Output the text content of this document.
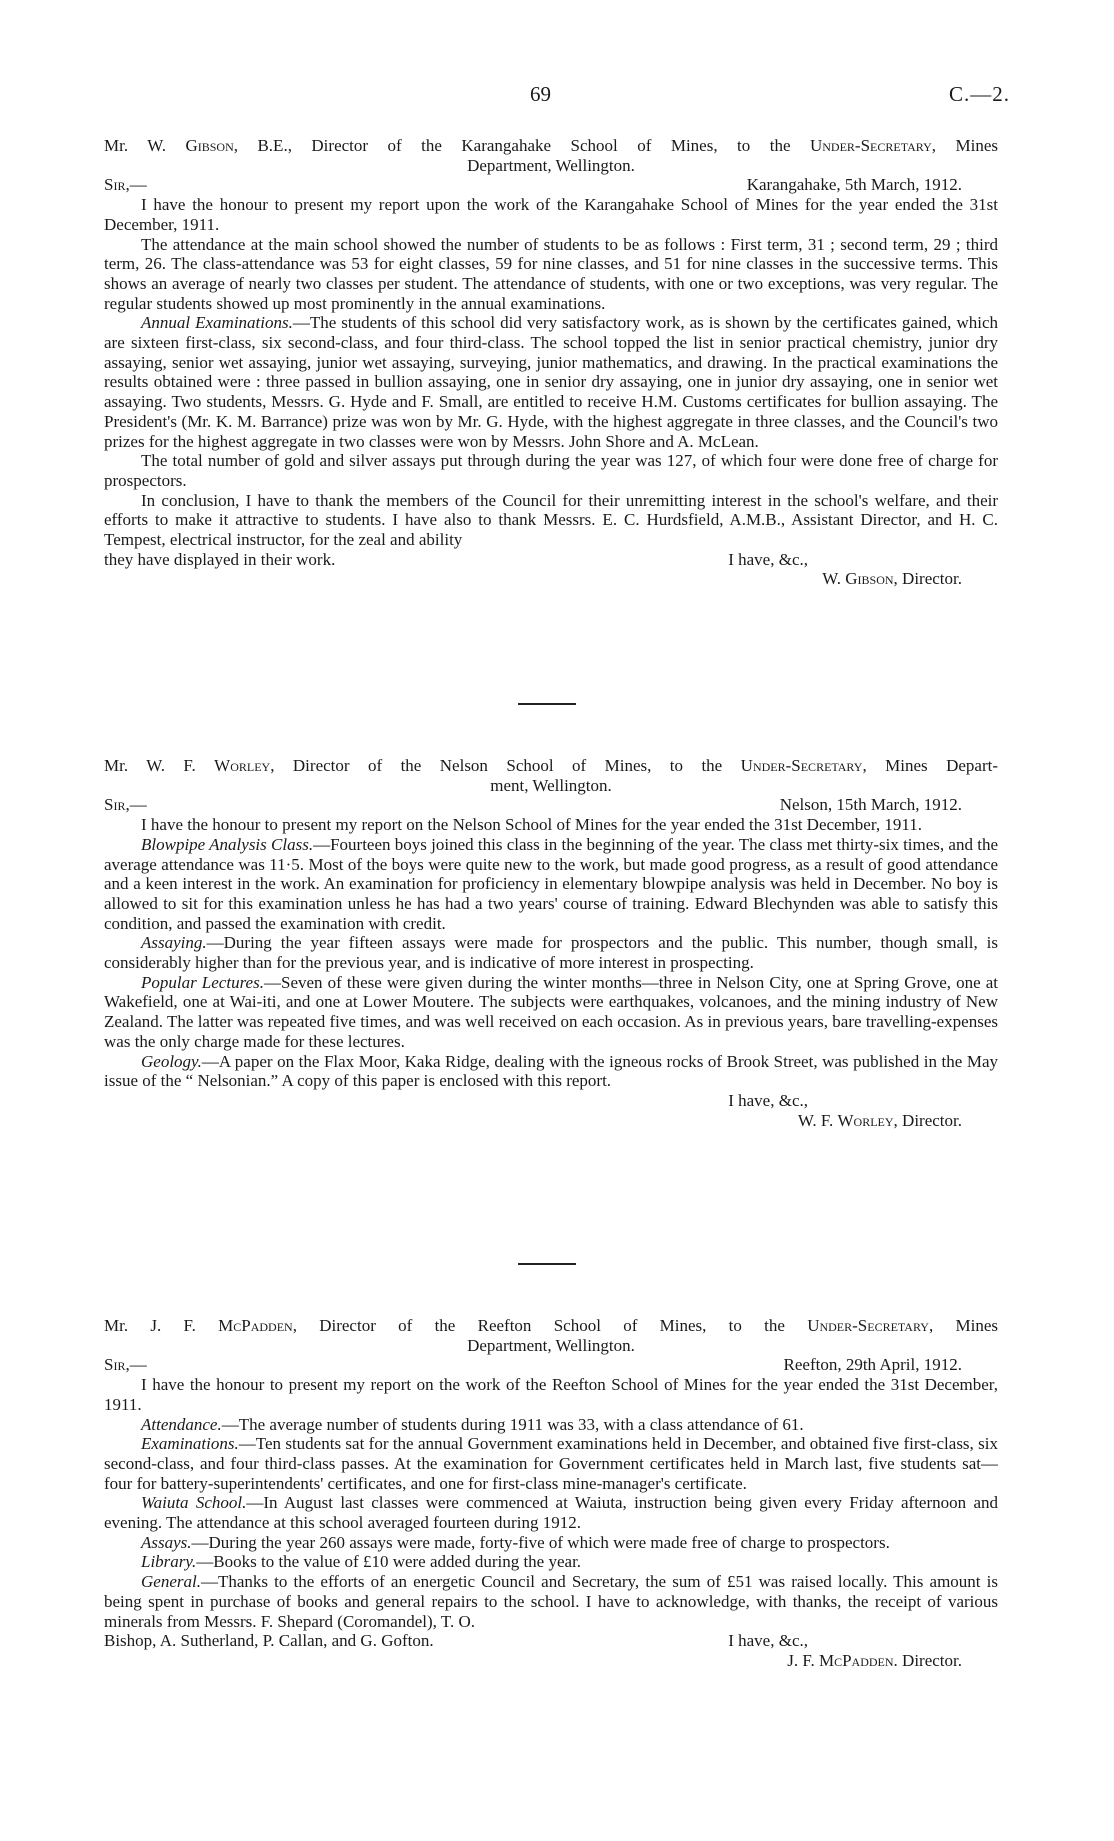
69	C.—2.

Mr. W. Gibson, B.E., Director of the Karangahake School of Mines, to the Under-Secretary, Mines
Department, Wellington.

Sir,—	Karangahake, 5th March, 1912.

I have the honour to present my report upon the work of the Karangahake School of Mines for the year ended the 31st December, 1911.

The attendance at the main school showed the number of students to be as follows : First term, 31 ; second term, 29 ; third term, 26. The class-attendance was 53 for eight classes, 59 for nine classes, and 51 for nine classes in the successive terms. This shows an average of nearly two classes per student. The attendance of students, with one or two exceptions, was very regular. The regular students showed up most prominently in the annual examinations.

Annual Examinations.—The students of this school did very satisfactory work, as is shown by the certificates gained, which are sixteen first-class, six second-class, and four third-class. The school topped the list in senior practical chemistry, junior dry assaying, senior wet assaying, junior wet assaying, surveying, junior mathematics, and drawing. In the practical examinations the results obtained were : three passed in bullion assaying, one in senior dry assaying, one in junior dry assaying, one in senior wet assaying. Two students, Messrs. G. Hyde and F. Small, are entitled to receive H.M. Customs certificates for bullion assaying. The President's (Mr. K. M. Barrance) prize was won by Mr. G. Hyde, with the highest aggregate in three classes, and the Council's two prizes for the highest aggregate in two classes were won by Messrs. John Shore and A. McLean.

The total number of gold and silver assays put through during the year was 127, of which four were done free of charge for prospectors.

In conclusion, I have to thank the members of the Council for their unremitting interest in the school's welfare, and their efforts to make it attractive to students. I have also to thank Messrs. E. C. Hurdsfield, A.M.B., Assistant Director, and H. C. Tempest, electrical instructor, for the zeal and ability

they have displayed in their work.	I have, &c.,
W. Gibson, Director.

Mr. W. F. Worley, Director of the Nelson School of Mines, to the Under-Secretary, Mines Depart-
ment, Wellington.

Sir,—	Nelson, 15th March, 1912.

I have the honour to present my report on the Nelson School of Mines for the year ended the 31st December, 1911.

Blowpipe Analysis Class.—Fourteen boys joined this class in the beginning of the year. The class met thirty-six times, and the average attendance was 11·5. Most of the boys were quite new to the work, but made good progress, as a result of good attendance and a keen interest in the work. An examination for proficiency in elementary blowpipe analysis was held in December. No boy is allowed to sit for this examination unless he has had a two years' course of training. Edward Blechynden was able to satisfy this condition, and passed the examination with credit.

Assaying.—During the year fifteen assays were made for prospectors and the public. This number, though small, is considerably higher than for the previous year, and is indicative of more interest in prospecting.

Popular Lectures.—Seven of these were given during the winter months—three in Nelson City, one at Spring Grove, one at Wakefield, one at Wai-iti, and one at Lower Moutere. The subjects were earthquakes, volcanoes, and the mining industry of New Zealand. The latter was repeated five times, and was well received on each occasion. As in previous years, bare travelling-expenses was the only charge made for these lectures.

Geology.—A paper on the Flax Moor, Kaka Ridge, dealing with the igneous rocks of Brook Street, was published in the May issue of the “ Nelsonian.” A copy of this paper is enclosed with this report.

I have, &c.,
W. F. Worley, Director.

Mr. J. F. McPadden, Director of the Reefton School of Mines, to the Under-Secretary, Mines
Department, Wellington.

Sir,—	Reefton, 29th April, 1912.

I have the honour to present my report on the work of the Reefton School of Mines for the year ended the 31st December, 1911.

Attendance.—The average number of students during 1911 was 33, with a class attendance of 61.

Examinations.—Ten students sat for the annual Government examinations held in December, and obtained five first-class, six second-class, and four third-class passes. At the examination for Government certificates held in March last, five students sat—four for battery-superintendents' certificates, and one for first-class mine-manager's certificate.

Waiuta School.—In August last classes were commenced at Waiuta, instruction being given every Friday afternoon and evening. The attendance at this school averaged fourteen during 1912.

Assays.—During the year 260 assays were made, forty-five of which were made free of charge to prospectors.

Library.—Books to the value of £10 were added during the year.

General.—Thanks to the efforts of an energetic Council and Secretary, the sum of £51 was raised locally. This amount is being spent in purchase of books and general repairs to the school. I have to acknowledge, with thanks, the receipt of various minerals from Messrs. F. Shepard (Coromandel), T. O.

Bishop, A. Sutherland, P. Callan, and G. Gofton.	I have, &c.,
J. F. McPadden. Director.
